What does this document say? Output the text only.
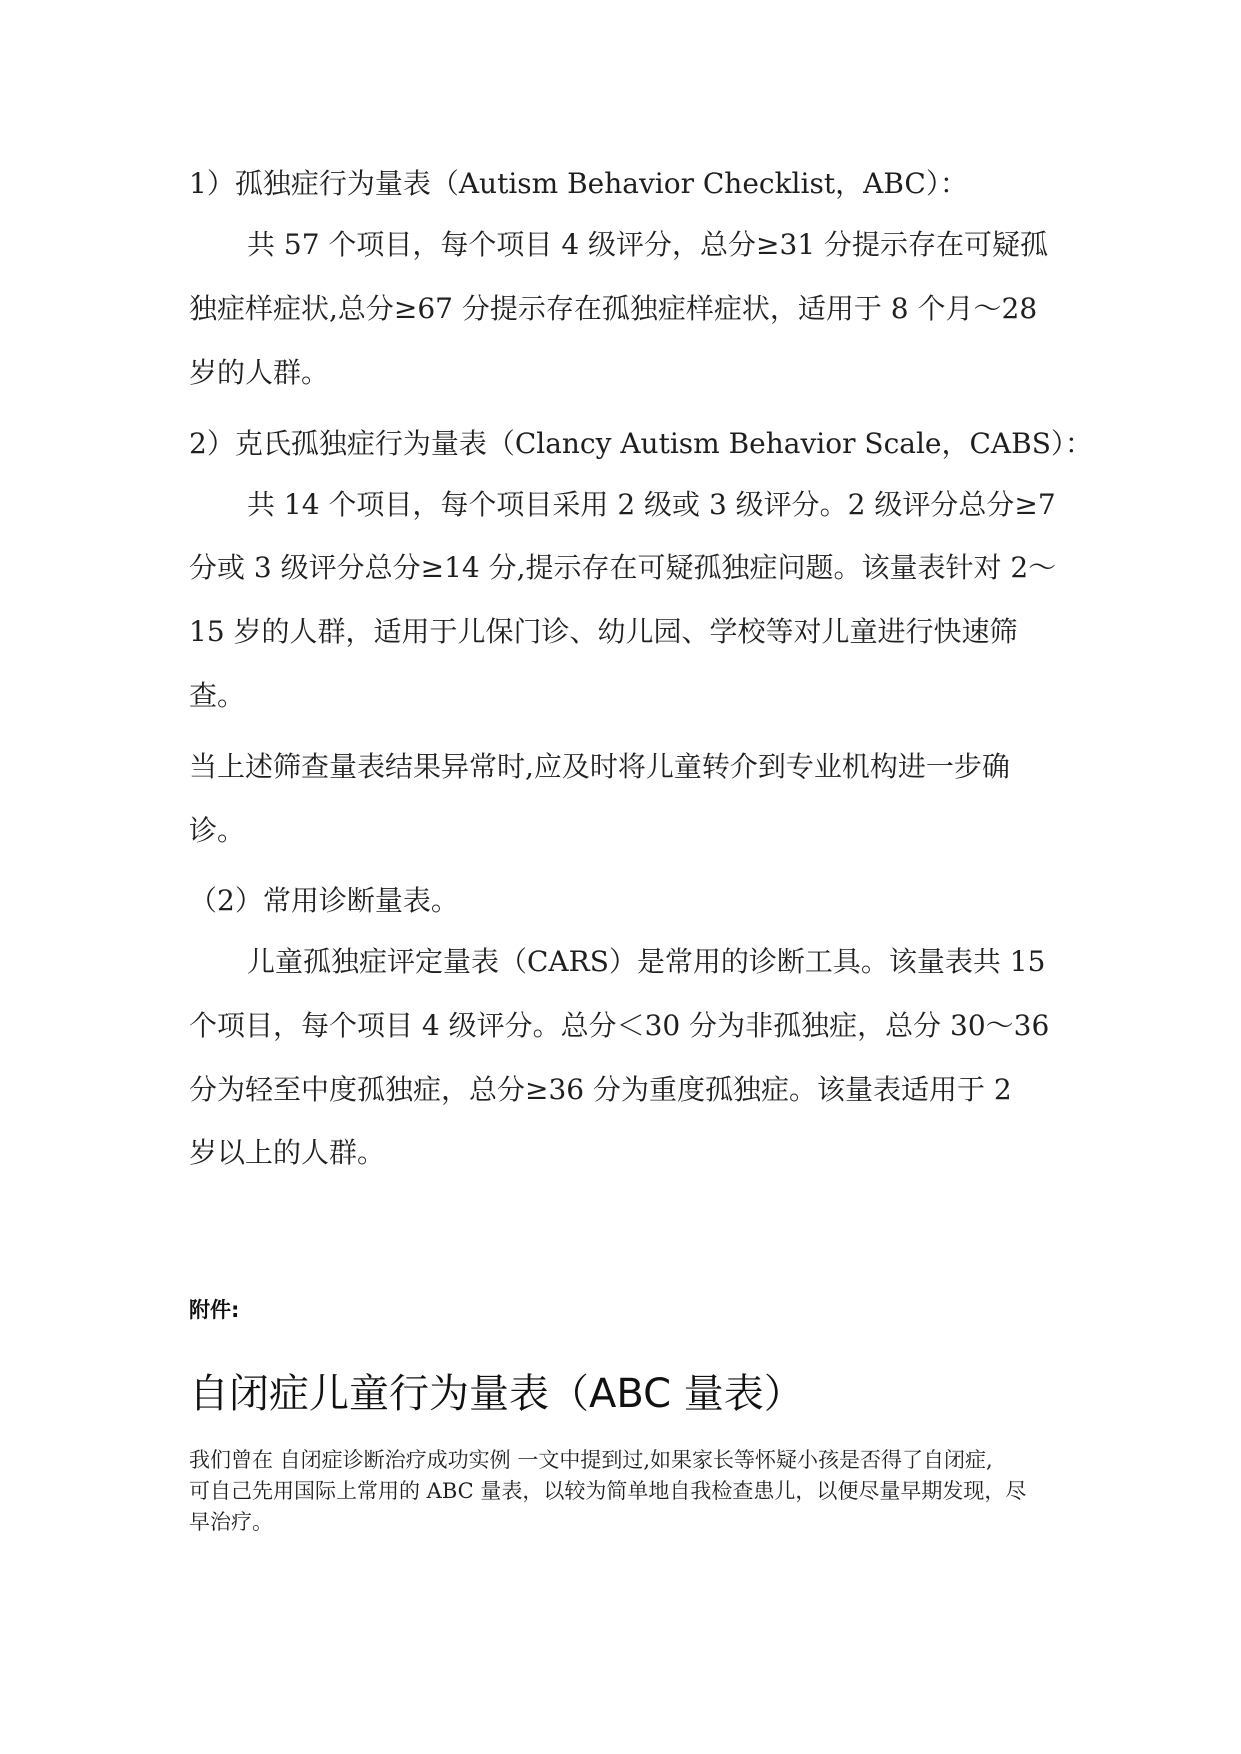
1）孤独症行为量表（Autism Behavior Checklist，ABC）：
共 57 个项目，每个项目 4 级评分，总分≥31 分提示存在可疑孤
独症样症状,总分≥67 分提示存在孤独症样症状，适用于 8 个月～28
岁的人群。
2）克氏孤独症行为量表（Clancy Autism Behavior Scale，CABS）：
共 14 个项目，每个项目采用 2 级或 3 级评分。2 级评分总分≥7
分或 3 级评分总分≥14 分,提示存在可疑孤独症问题。该量表针对 2～
15 岁的人群，适用于儿保门诊、幼儿园、学校等对儿童进行快速筛
查。
当上述筛查量表结果异常时,应及时将儿童转介到专业机构进一步确
诊。
（2）常用诊断量表。
儿童孤独症评定量表（CARS）是常用的诊断工具。该量表共 15
个项目，每个项目 4 级评分。总分＜30 分为非孤独症，总分 30～36
分为轻至中度孤独症，总分≥36 分为重度孤独症。该量表适用于 2
岁以上的人群。
附件:
自闭症儿童行为量表（ABC 量表）
我们曾在 自闭症诊断治疗成功实例 一文中提到过,如果家长等怀疑小孩是否得了自闭症,
可自己先用国际上常用的 ABC 量表，以较为简单地自我检查患儿，以便尽量早期发现，尽
早治疗。
